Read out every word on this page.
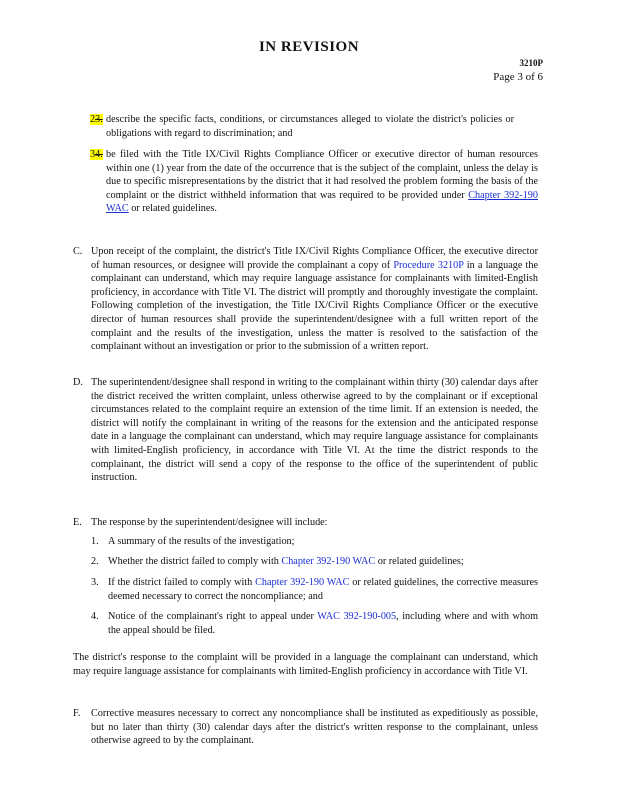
IN REVISION
3210P
Page 3 of 6
23. describe the specific facts, conditions, or circumstances alleged to violate the district's policies or obligations with regard to discrimination; and
34. be filed with the Title IX/Civil Rights Compliance Officer or executive director of human resources within one (1) year from the date of the occurrence that is the subject of the complaint, unless the delay is due to specific misrepresentations by the district that it had resolved the problem forming the basis of the complaint or the district withheld information that was required to be provided under Chapter 392-190 WAC or related guidelines.
C. Upon receipt of the complaint, the district's Title IX/Civil Rights Compliance Officer, the executive director of human resources, or designee will provide the complainant a copy of Procedure 3210P in a language the complainant can understand, which may require language assistance for complainants with limited-English proficiency, in accordance with Title VI. The district will promptly and thoroughly investigate the complaint. Following completion of the investigation, the Title IX/Civil Rights Compliance Officer or the executive director of human resources shall provide the superintendent/designee with a full written report of the complaint and the results of the investigation, unless the matter is resolved to the satisfaction of the complainant without an investigation or prior to the submission of a written report.
D. The superintendent/designee shall respond in writing to the complainant within thirty (30) calendar days after the district received the written complaint, unless otherwise agreed to by the complainant or if exceptional circumstances related to the complaint require an extension of the time limit. If an extension is needed, the district will notify the complainant in writing of the reasons for the extension and the anticipated response date in a language the complainant can understand, which may require language assistance for complainants with limited-English proficiency, in accordance with Title VI. At the time the district responds to the complainant, the district will send a copy of the response to the office of the superintendent of public instruction.
E. The response by the superintendent/designee will include:
1. A summary of the results of the investigation;
2. Whether the district failed to comply with Chapter 392-190 WAC or related guidelines;
3. If the district failed to comply with Chapter 392-190 WAC or related guidelines, the corrective measures deemed necessary to correct the noncompliance; and
4. Notice of the complainant's right to appeal under WAC 392-190-005, including where and with whom the appeal should be filed.
The district's response to the complaint will be provided in a language the complainant can understand, which may require language assistance for complainants with limited-English proficiency in accordance with Title VI.
F. Corrective measures necessary to correct any noncompliance shall be instituted as expeditiously as possible, but no later than thirty (30) calendar days after the district's written response to the complainant, unless otherwise agreed to by the complainant.
